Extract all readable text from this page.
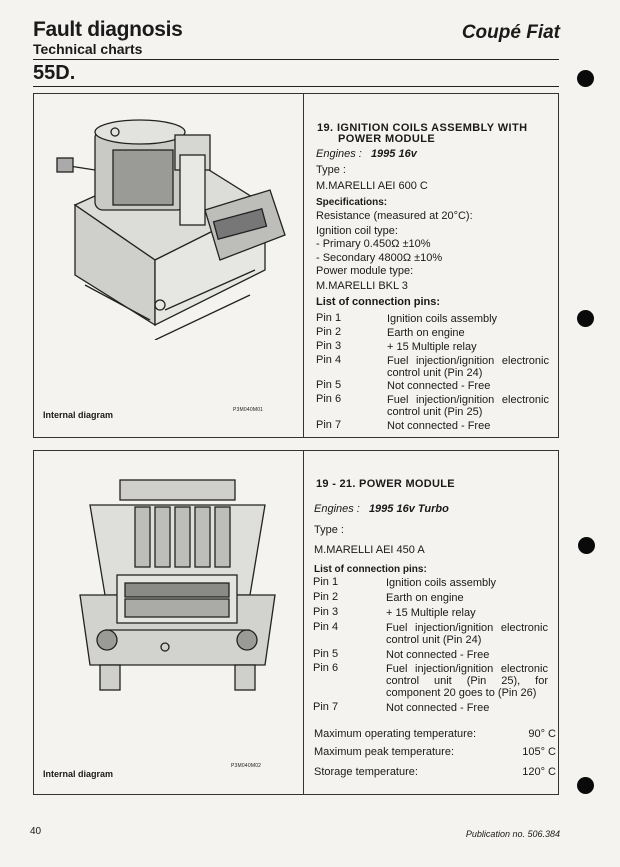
Fault diagnosis
Technical charts
Coupé Fiat
55D.
Internal diagram	P3M040M01
19. IGNITION COILS ASSEMBLY WITH
POWER MODULE
Engines : 1995 16v
Type :
M.MARELLI AEI 600 C
Specifications:
Resistance (measured at 20°C):
Ignition coil type:
- Primary 0.450Ω ±10%
- Secondary 4800Ω ±10%
Power module type:
M.MARELLI BKL 3
List of connection pins:
Pin 1	Ignition coils assembly
Pin 2	Earth on engine
Pin 3	+ 15 Multiple relay
Pin 4	Fuel injection/ignition electronic control unit (Pin 24)
Pin 5	Not connected - Free
Pin 6	Fuel injection/ignition electronic control unit (Pin 25)
Pin 7	Not connected - Free
Internal diagram
P3M040M02
19 - 21. POWER MODULE
Engines : 1995 16v Turbo
Type :
M.MARELLI AEI 450 A
List of connection pins:
Pin 1	Ignition coils assembly
Pin 2	Earth on engine
Pin 3	+ 15 Multiple relay
Pin 4	Fuel injection/ignition electronic control unit (Pin 24)
Pin 5	Not connected - Free
Pin 6	Fuel injection/ignition electronic control unit (Pin 25), for component 20 goes to (Pin 26)
Pin 7	Not connected - Free
Maximum operating temperature:	90° C
Maximum peak temperature:	105° C
Storage temperature:	120° C
40	Publication no. 506.384
